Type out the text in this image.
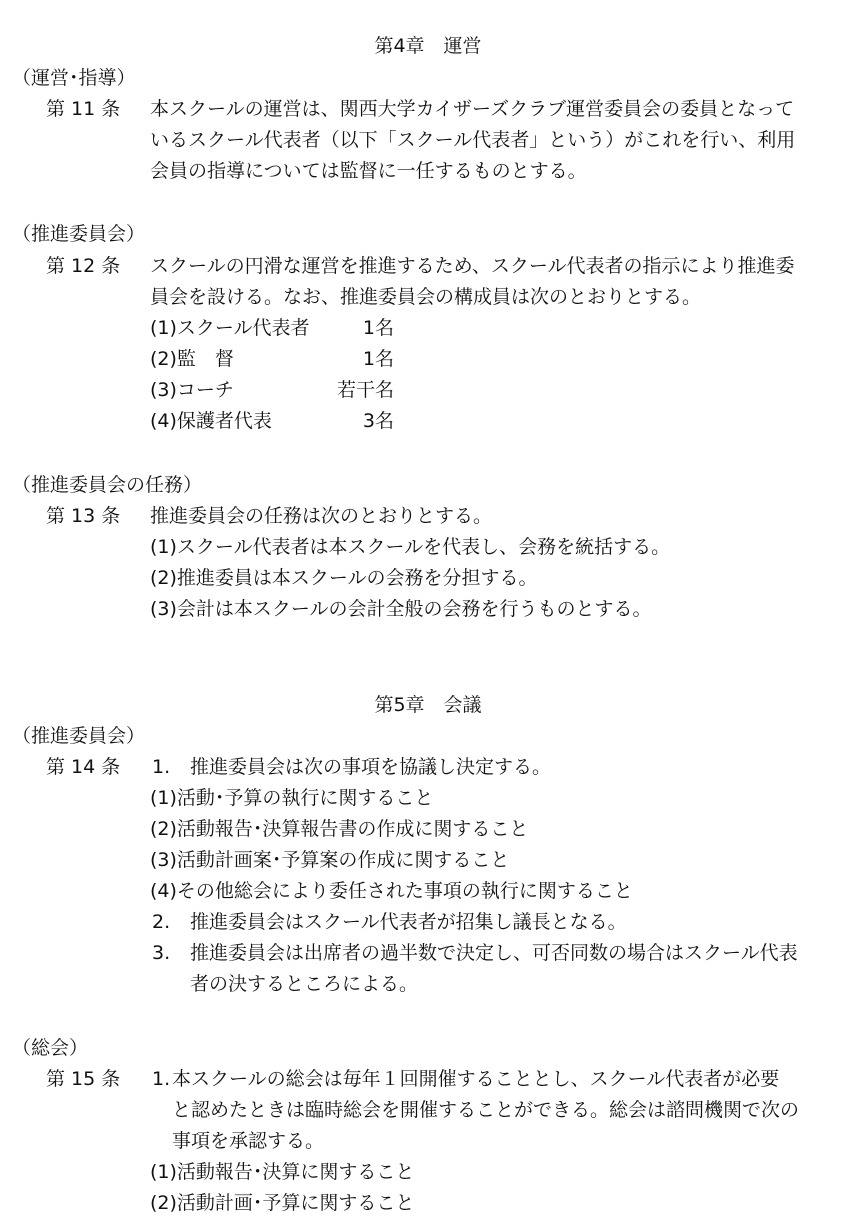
第4章　運営
（運営･指導）
第 11 条 本スクールの運営は、関西大学カイザーズクラブ運営委員会の委員となって
いるスクール代表者（以下「スクール代表者」という）がこれを行い、利用
会員の指導については監督に一任するものとする。
（推進委員会）
第 12 条 スクールの円滑な運営を推進するため、スクール代表者の指示により推進委
員会を設ける。なお、推進委員会の構成員は次のとおりとする。
(1)スクール代表者	1名
(2)監　督	1名
(3)コーチ	若干名
(4)保護者代表	3名
（推進委員会の任務）
第 13 条 推進委員会の任務は次のとおりとする。
(1)スクール代表者は本スクールを代表し、会務を統括する。
(2)推進委員は本スクールの会務を分担する。
(3)会計は本スクールの会計全般の会務を行うものとする。
第5章　会議
（推進委員会）
第 14 条 1. 推進委員会は次の事項を協議し決定する。
(1)活動･予算の執行に関すること
(2)活動報告･決算報告書の作成に関すること
(3)活動計画案･予算案の作成に関すること
(4)その他総会により委任された事項の執行に関すること
2. 推進委員会はスクール代表者が招集し議長となる。
3. 推進委員会は出席者の過半数で決定し、可否同数の場合はスクール代表
者の決するところによる。
（総会）
第 15 条 1. 本スクールの総会は毎年１回開催することとし、スクール代表者が必要
と認めたときは臨時総会を開催することができる。総会は諮問機関で次の
事項を承認する。
(1)活動報告･決算に関すること
(2)活動計画･予算に関すること
